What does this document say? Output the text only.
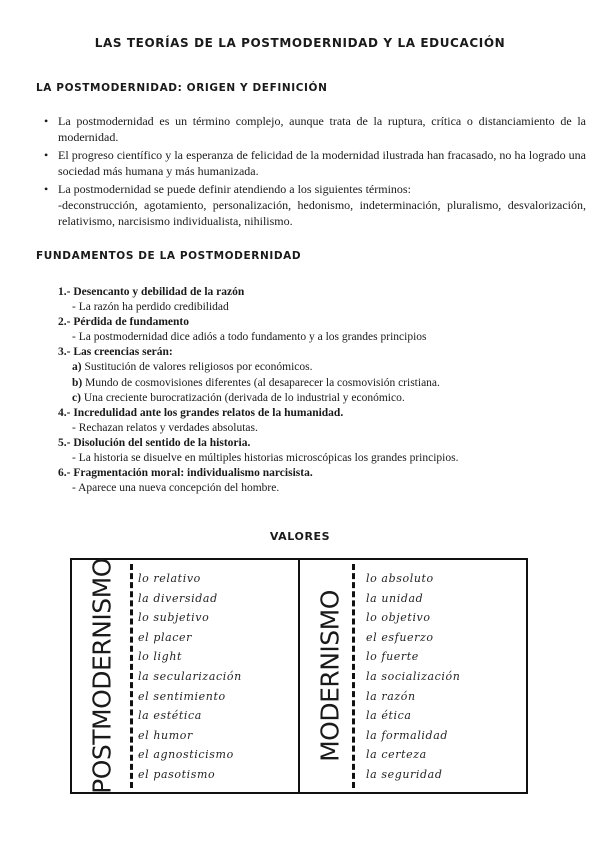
LAS TEORÍAS DE LA POSTMODERNIDAD Y LA EDUCACIÓN
LA POSTMODERNIDAD: ORIGEN Y DEFINICIÓN
• La postmodernidad es un término complejo, aunque trata de la ruptura, crítica o distanciamiento de la modernidad.
• El progreso científico y la esperanza de felicidad de la modernidad ilustrada han fracasado, no ha logrado una sociedad más humana y más humanizada.
• La postmodernidad se puede definir atendiendo a los siguientes términos:
-deconstrucción, agotamiento, personalización, hedonismo, indeterminación, pluralismo, desvalorización, relativismo, narcisismo individualista, nihilismo.
FUNDAMENTOS DE LA POSTMODERNIDAD
1.- Desencanto y debilidad de la razón
- La razón ha perdido credibilidad
2.- Pérdida de fundamento
- La postmodernidad dice adiós a todo fundamento y a los grandes principios
3.- Las creencias serán:
a) Sustitución de valores religiosos por económicos.
b) Mundo de cosmovisiones diferentes (al desaparecer la cosmovisión cristiana.
c) Una creciente burocratización (derivada de lo industrial y económico.
4.- Incredulidad ante los grandes relatos de la humanidad.
- Rechazan relatos y verdades absolutas.
5.- Disolución del sentido de la historia.
- La historia se disuelve en múltiples historias microscópicas los grandes principios.
6.- Fragmentación moral: individualismo narcisista.
- Aparece una nueva concepción del hombre.
VALORES
POSTMODERNISMO lo relativo
la diversidad
lo subjetivo
el placer
lo light
la secularización
el sentimiento
la estética
el humor
el agnosticismo
el pasotismo
MODERNISMO
lo absoluto
la unidad
lo objetivo
el esfuerzo
lo fuerte
la socialización
la razón
la ética
la formalidad
la certeza
la seguridad
